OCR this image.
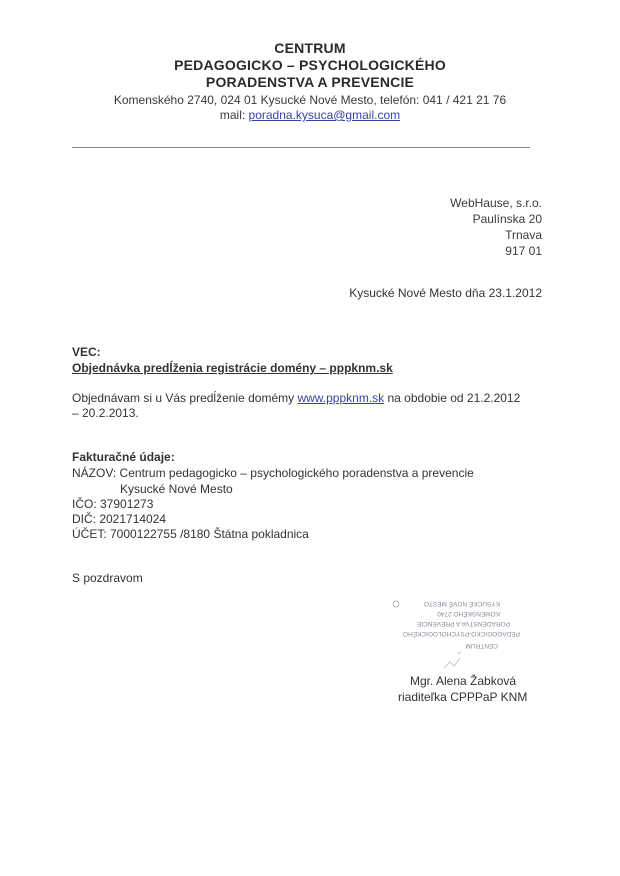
CENTRUM
PEDAGOGICKO – PSYCHOLOGICKÉHO
PORADENSTVA A PREVENCIE
Komenského 2740, 024 01 Kysucké Nové Mesto, telefón: 041 / 421 21 76
mail: poradna.kysuca@gmail.com
WebHause, s.r.o.
Paulínska 20
Trnava
917 01
Kysucké Nové Mesto dňa 23.1.2012
VEC:
Objednávka predĺženia registrácie domény – pppknm.sk
Objednávam si u Vás predĺženie domémy www.pppknm.sk na obdobie od 21.2.2012
– 20.2.2013.
Fakturačné údaje:
NÁZOV: Centrum pedagogicko – psychologického poradenstva a prevencie
Kysucké Nové Mesto
IČO: 37901273
DIČ: 2021714024
ÚČET: 7000122755 /8180 Štátna pokladnica
S pozdravom
CENTRUM
PEDAGOGICKO-PSYCHOLOGICKÉHO
PORADENSTVA A PREVENCIE
KOMENSKÉHO 2740
KYSUCKÉ NOVÉ MESTO
Mgr. Alena Žabková
riaditeľka CPPPaP KNM
